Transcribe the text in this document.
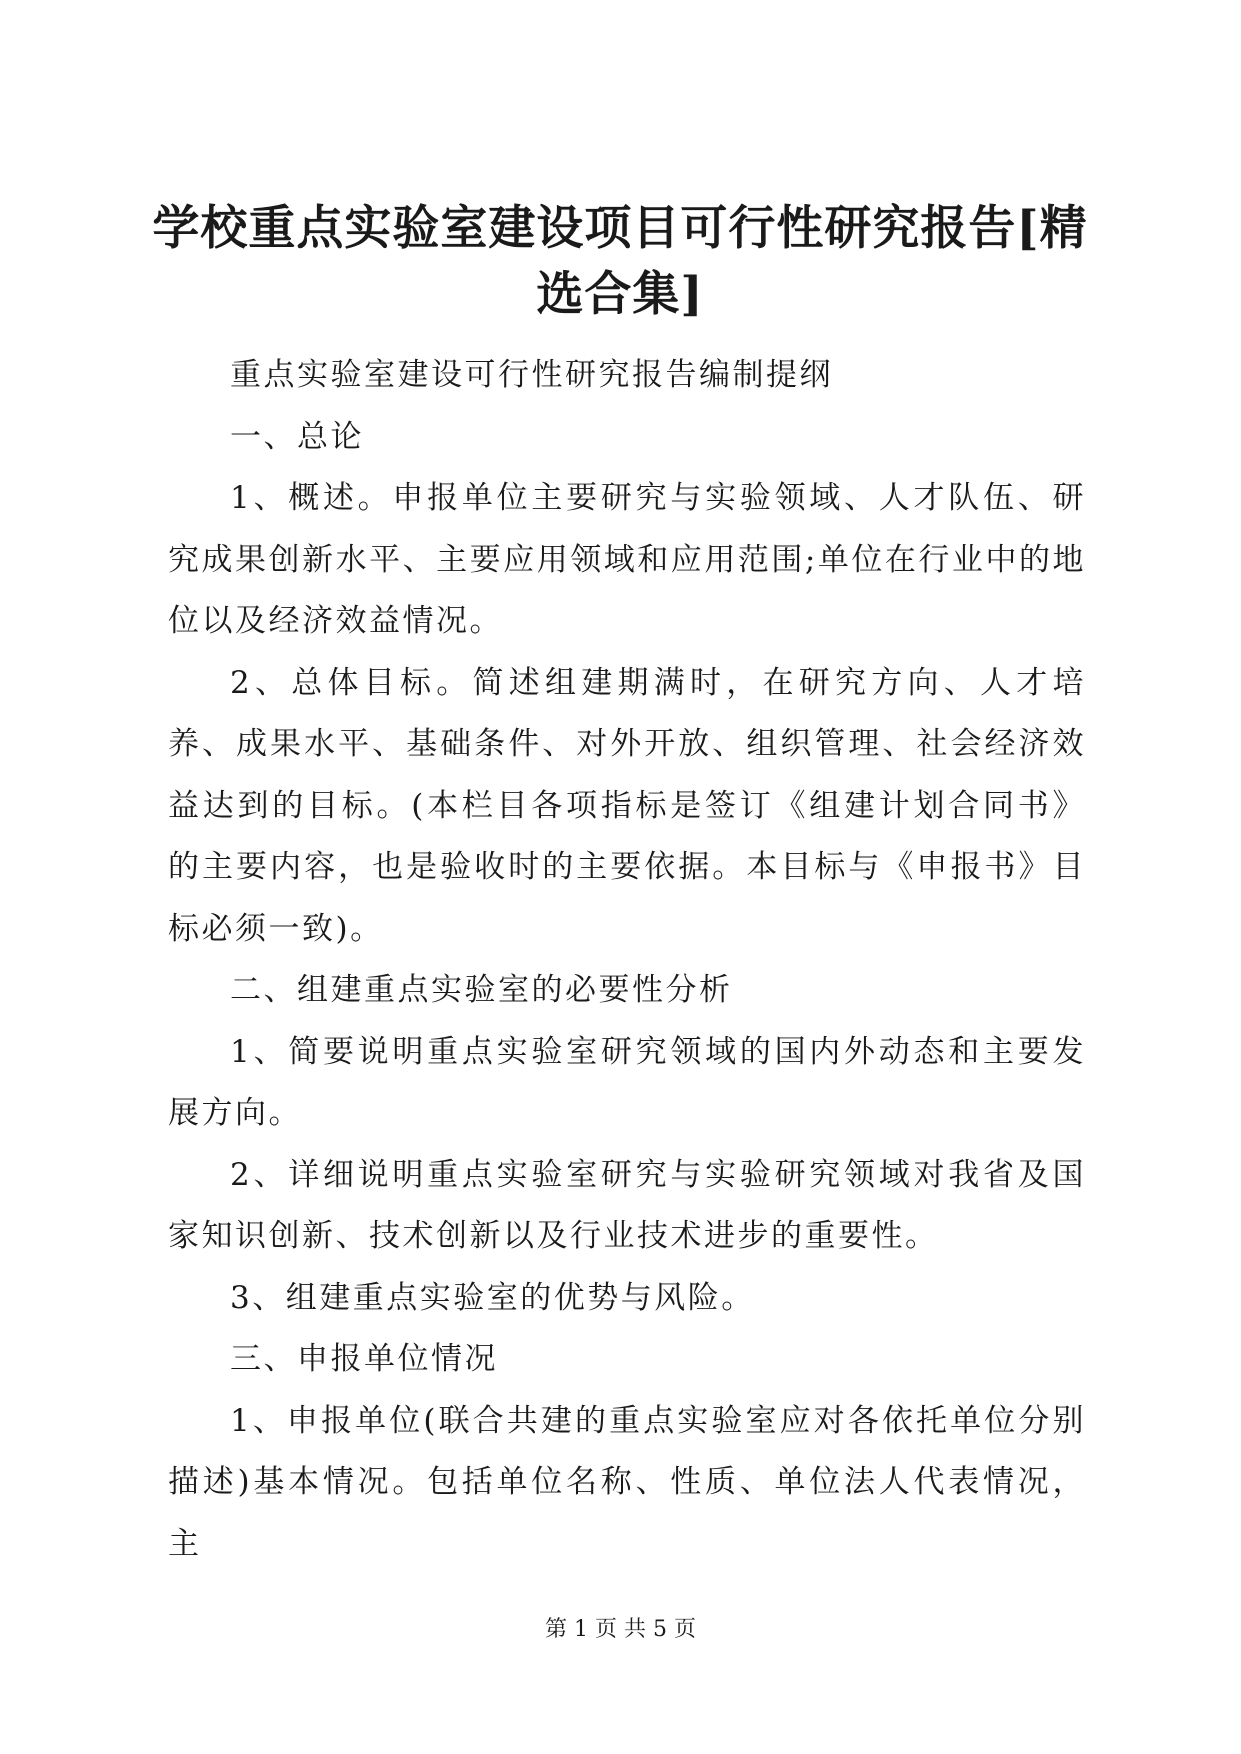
学校重点实验室建设项目可行性研究报告[精选合集]

重点实验室建设可行性研究报告编制提纲

一、总论

1、概述。申报单位主要研究与实验领域、人才队伍、研究成果创新水平、主要应用领域和应用范围;单位在行业中的地位以及经济效益情况。

2、总体目标。简述组建期满时，在研究方向、人才培养、成果水平、基础条件、对外开放、组织管理、社会经济效益达到的目标。(本栏目各项指标是签订《组建计划合同书》的主要内容，也是验收时的主要依据。本目标与《申报书》目标必须一致)。

二、组建重点实验室的必要性分析

1、简要说明重点实验室研究领域的国内外动态和主要发展方向。

2、详细说明重点实验室研究与实验研究领域对我省及国家知识创新、技术创新以及行业技术进步的重要性。

3、组建重点实验室的优势与风险。

三、申报单位情况

1、申报单位(联合共建的重点实验室应对各依托单位分别描述)基本情况。包括单位名称、性质、单位法人代表情况，主

第 1 页 共 5 页
